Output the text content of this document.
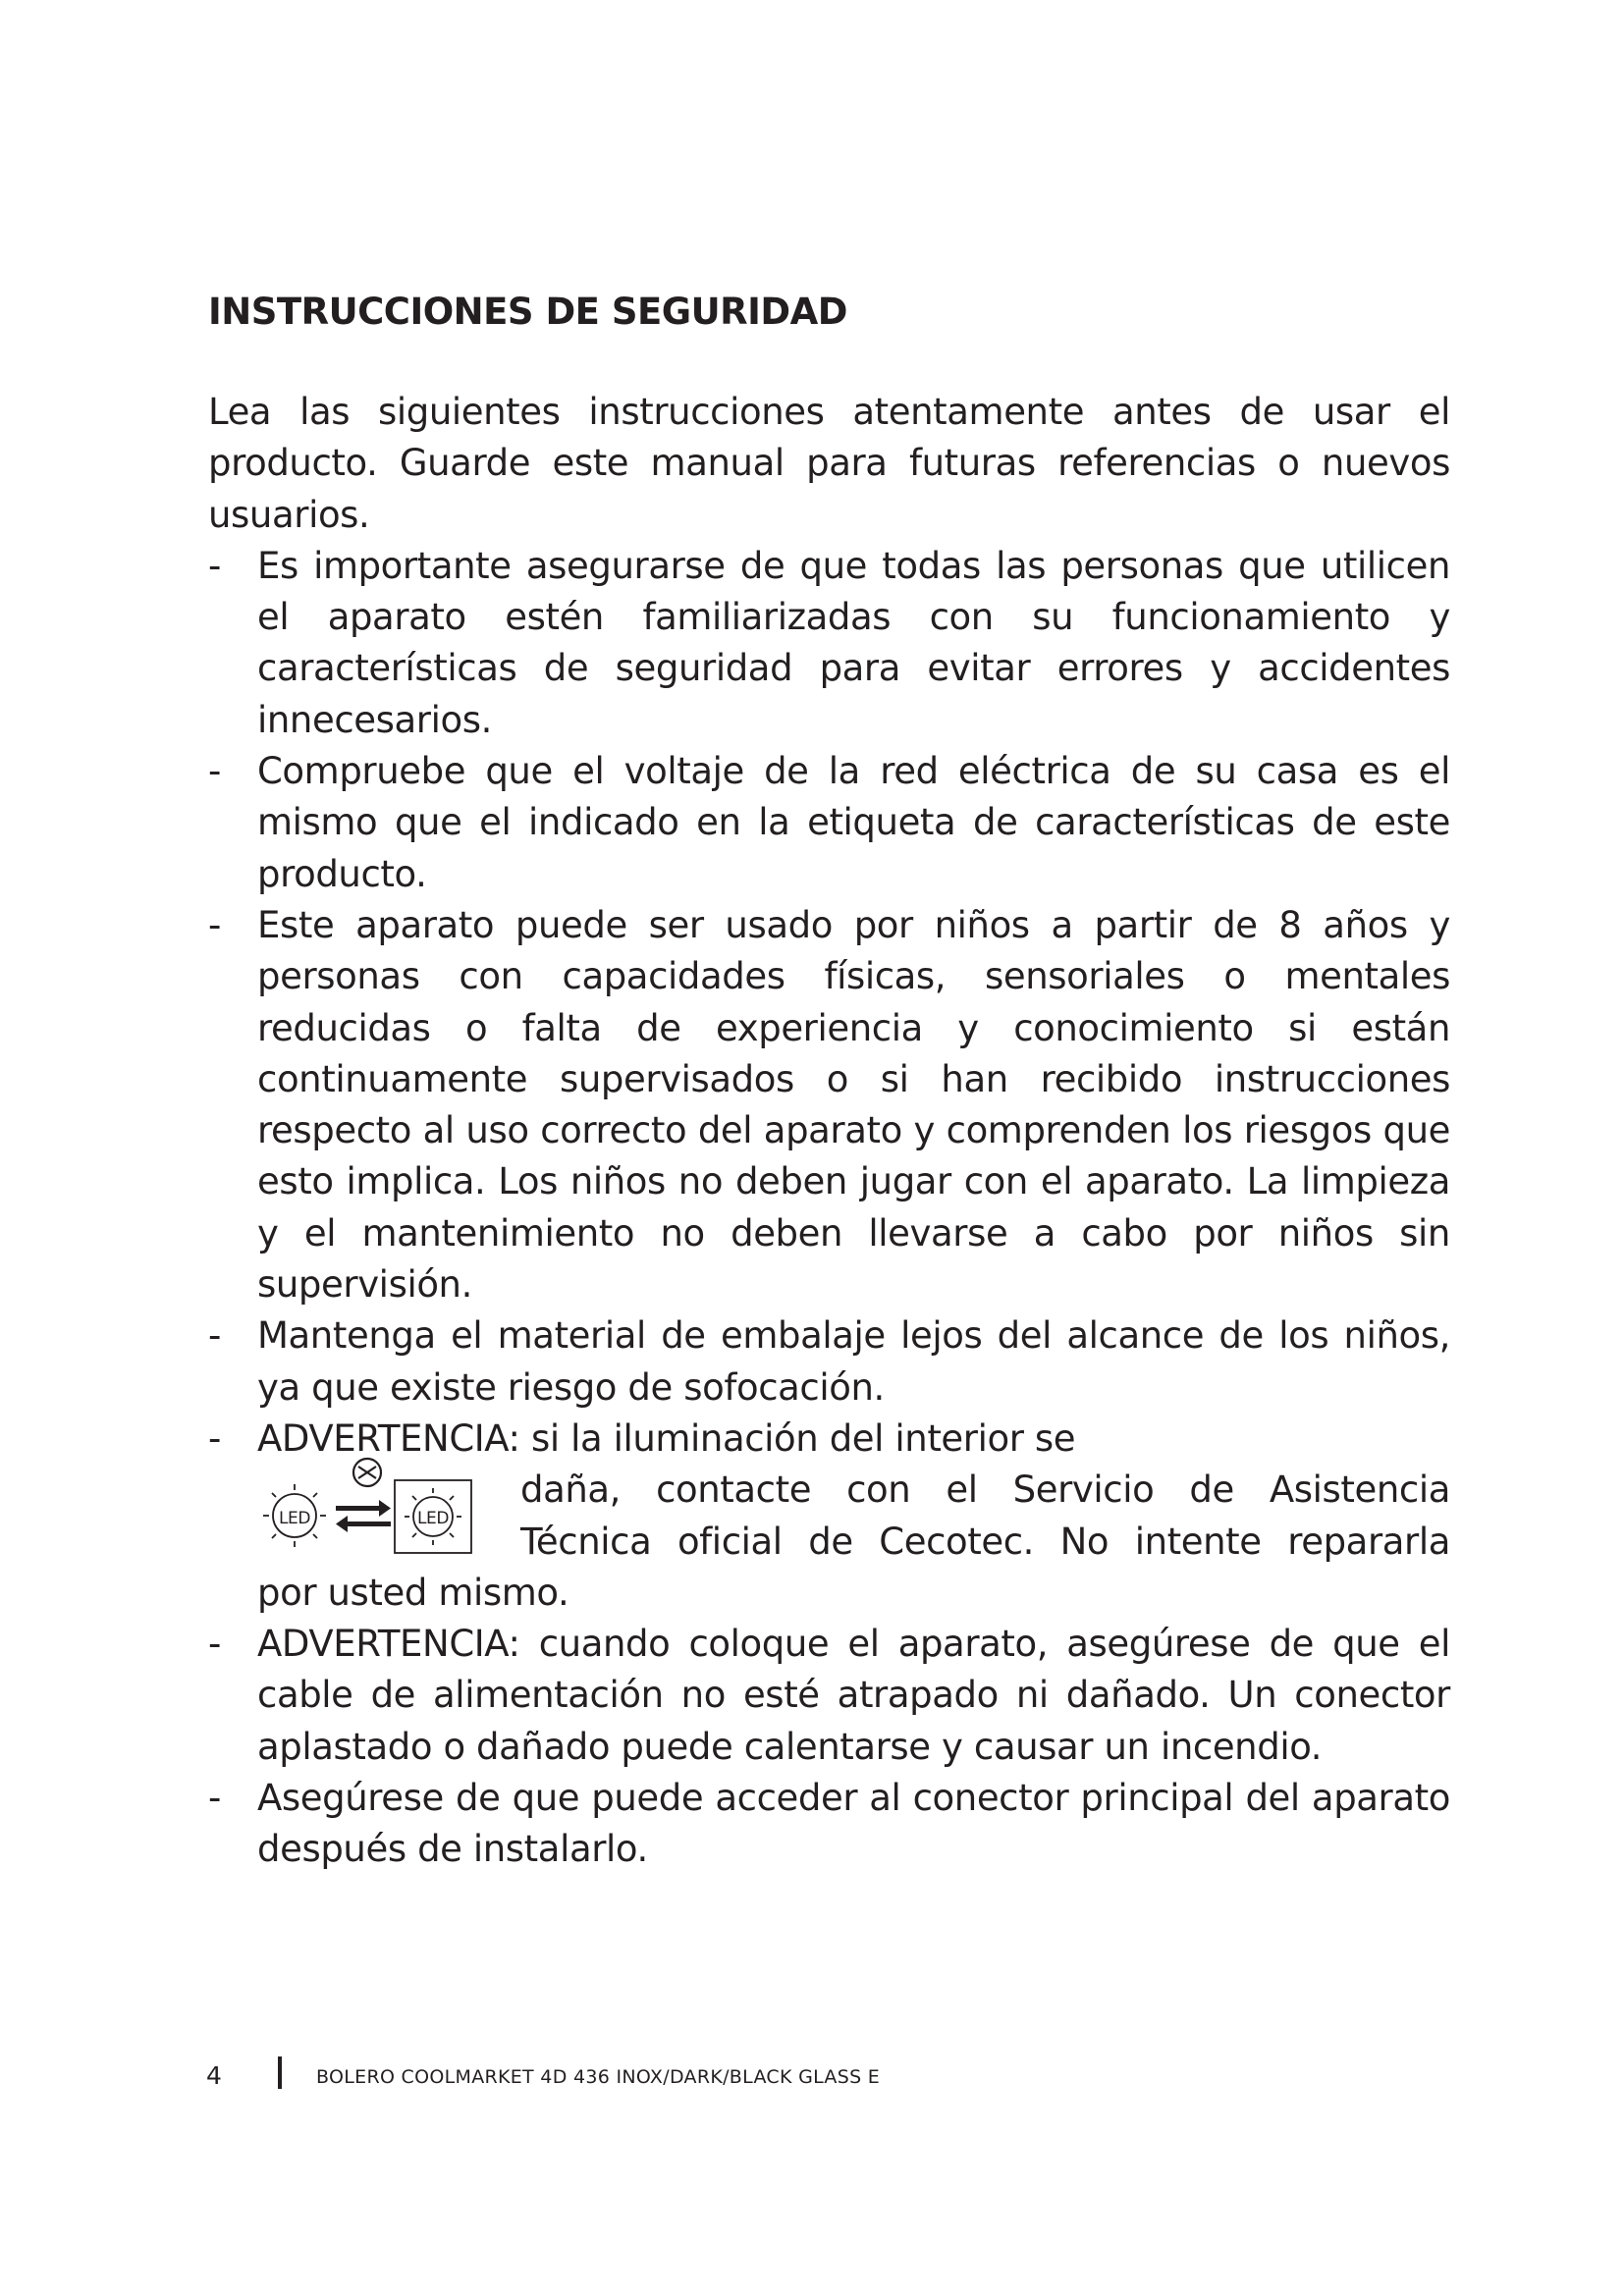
INSTRUCCIONES DE SEGURIDAD

Lea las siguientes instrucciones atentamente antes de usar el producto. Guarde este manual para futuras referencias o nuevos usuarios.

- Es importante asegurarse de que todas las personas que utilicen el aparato estén familiarizadas con su funcionamiento y características de seguridad para evitar errores y accidentes innecesarios.
- Compruebe que el voltaje de la red eléctrica de su casa es el mismo que el indicado en la etiqueta de características de este producto.
- Este aparato puede ser usado por niños a partir de 8 años y personas con capacidades físicas, sensoriales o mentales reducidas o falta de experiencia y conocimiento si están continuamente supervisados o si han recibido instrucciones respecto al uso correcto del aparato y comprenden los riesgos que esto implica. Los niños no deben jugar con el aparato. La limpieza y el mantenimiento no deben llevarse a cabo por niños sin supervisión.
- Mantenga el material de embalaje lejos del alcance de los niños, ya que existe riesgo de sofocación.
- ADVERTENCIA: si la iluminación del interior se
LED	LED
daña, contacte con el Servicio de Asistencia
Técnica oficial de Cecotec. No intente repararla
por usted mismo.
- ADVERTENCIA: cuando coloque el aparato, asegúrese de que el cable de alimentación no esté atrapado ni dañado. Un conector aplastado o dañado puede calentarse y causar un incendio.
- Asegúrese de que puede acceder al conector principal del aparato después de instalarlo.
4	BOLERO COOLMARKET 4D 436 INOX/DARK/BLACK GLASS E
